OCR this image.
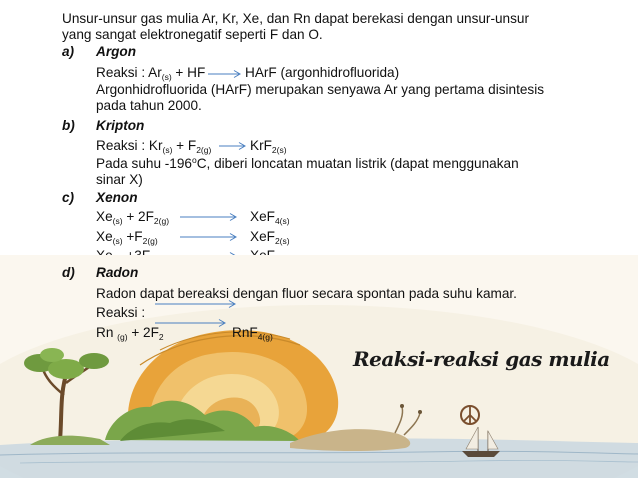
Unsur-unsur gas mulia Ar, Kr, Xe, dan Rn dapat berekasi dengan unsur-unsur
yang sangat elektronegatif seperti F dan O.
a) Argon
Reaksi : $Ar_{(s)}$ + HF	HArF (argonhidrofluorida)
Argonhidrofluorida (HArF) merupakan senyawa Ar yang pertama disintesis
pada tahun 2000.
b) Kripton
Reaksi : $Kr_{(s)} + F_{2(g)}$	KrF$_{2(s)}$
Pada suhu -196$^o$C, diberi loncatan muatan listrik (dapat menggunakan
sinar X)
c) Xenon
$Xe_{(s)} + 2F_{2(g)}$	XeF$_{4(s)}$
$Xe_{(s)} +F_{2(g)}$	XeF$_{2(s)}$
d) Radon
Radon dapat bereaksi dengan fluor secara spontan pada suhu kamar.
Reaksi :
Rn $_{(g)} + 2F_2$	RnF$_{4(g)}$
Reaksi-reaksi gas mulia
